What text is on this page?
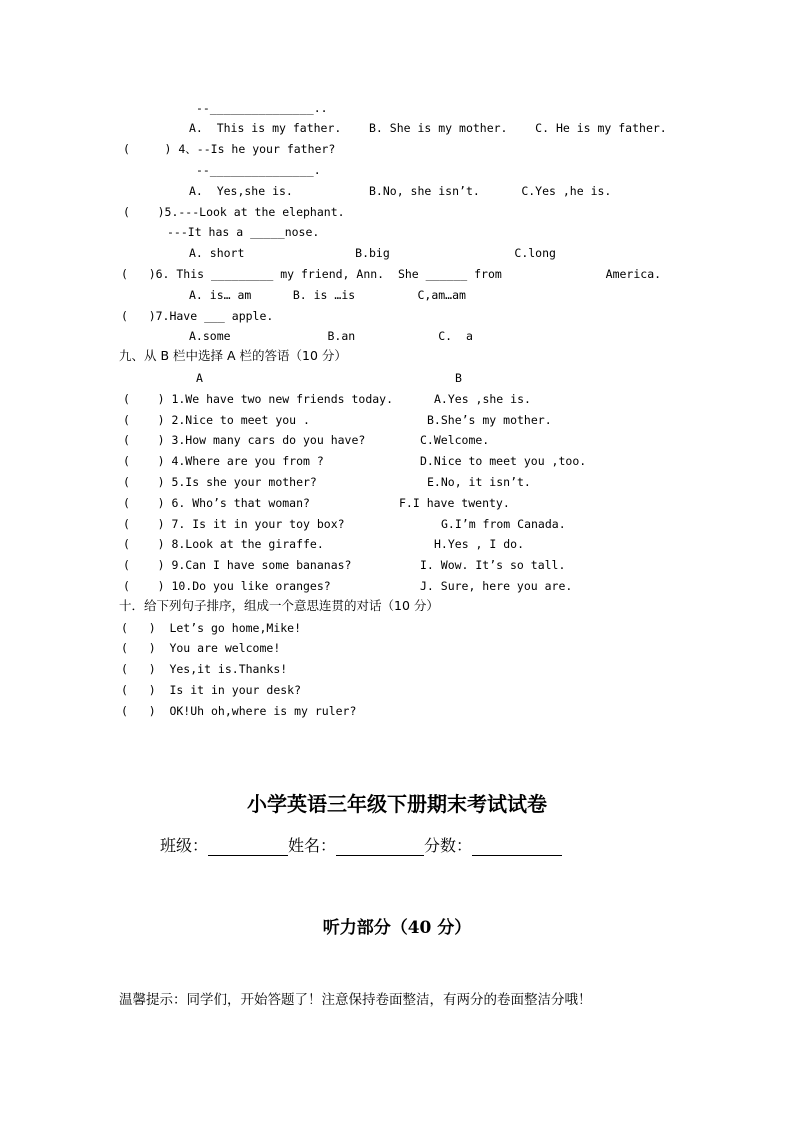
--_______________..
A.  This is my father.    B. She is my mother.    C. He is my father.
(     ) 4、--Is he your father?
--_______________.
A.  Yes,she is.           B.No, she isn’t.      C.Yes ,he is.
(    )5.---Look at the elephant.
---It has a _____nose.
A. short                B.big                  C.long
(   )6. This _________ my friend, Ann.  She ______ from               America.
A. is… am      B. is …is         C,am…am
(   )7.Have ___ apple.
A.some              B.an            C.  a
九、从 B 栏中选择 A 栏的答语（10 分）
A	B
(    ) 1.We have two new friends today.	A.Yes ,she is.
(    ) 2.Nice to meet you .	B.She’s my mother.
(    ) 3.How many cars do you have?	C.Welcome.
(    ) 4.Where are you from ?	D.Nice to meet you ,too.
(    ) 5.Is she your mother?	E.No, it isn’t.
(    ) 6. Who’s that woman?	F.I have twenty.
(    ) 7. Is it in your toy box?	G.I’m from Canada.
(    ) 8.Look at the giraffe.	H.Yes , I do.
(    ) 9.Can I have some bananas?	I. Wow. It’s so tall.
(    ) 10.Do you like oranges?	J. Sure, here you are.
十．给下列句子排序，组成一个意思连贯的对话（10 分）
(   )  Let’s go home,Mike!
(   )  You are welcome!
(   )  Yes,it is.Thanks!
(   )  Is it in your desk?
(   )  OK!Uh oh,where is my ruler?
小学英语三年级下册期末考试试卷
班级：	姓名：	分数：
听力部分（40 分）
温馨提示：同学们，开始答题了！注意保持卷面整洁，有两分的卷面整洁分哦！
